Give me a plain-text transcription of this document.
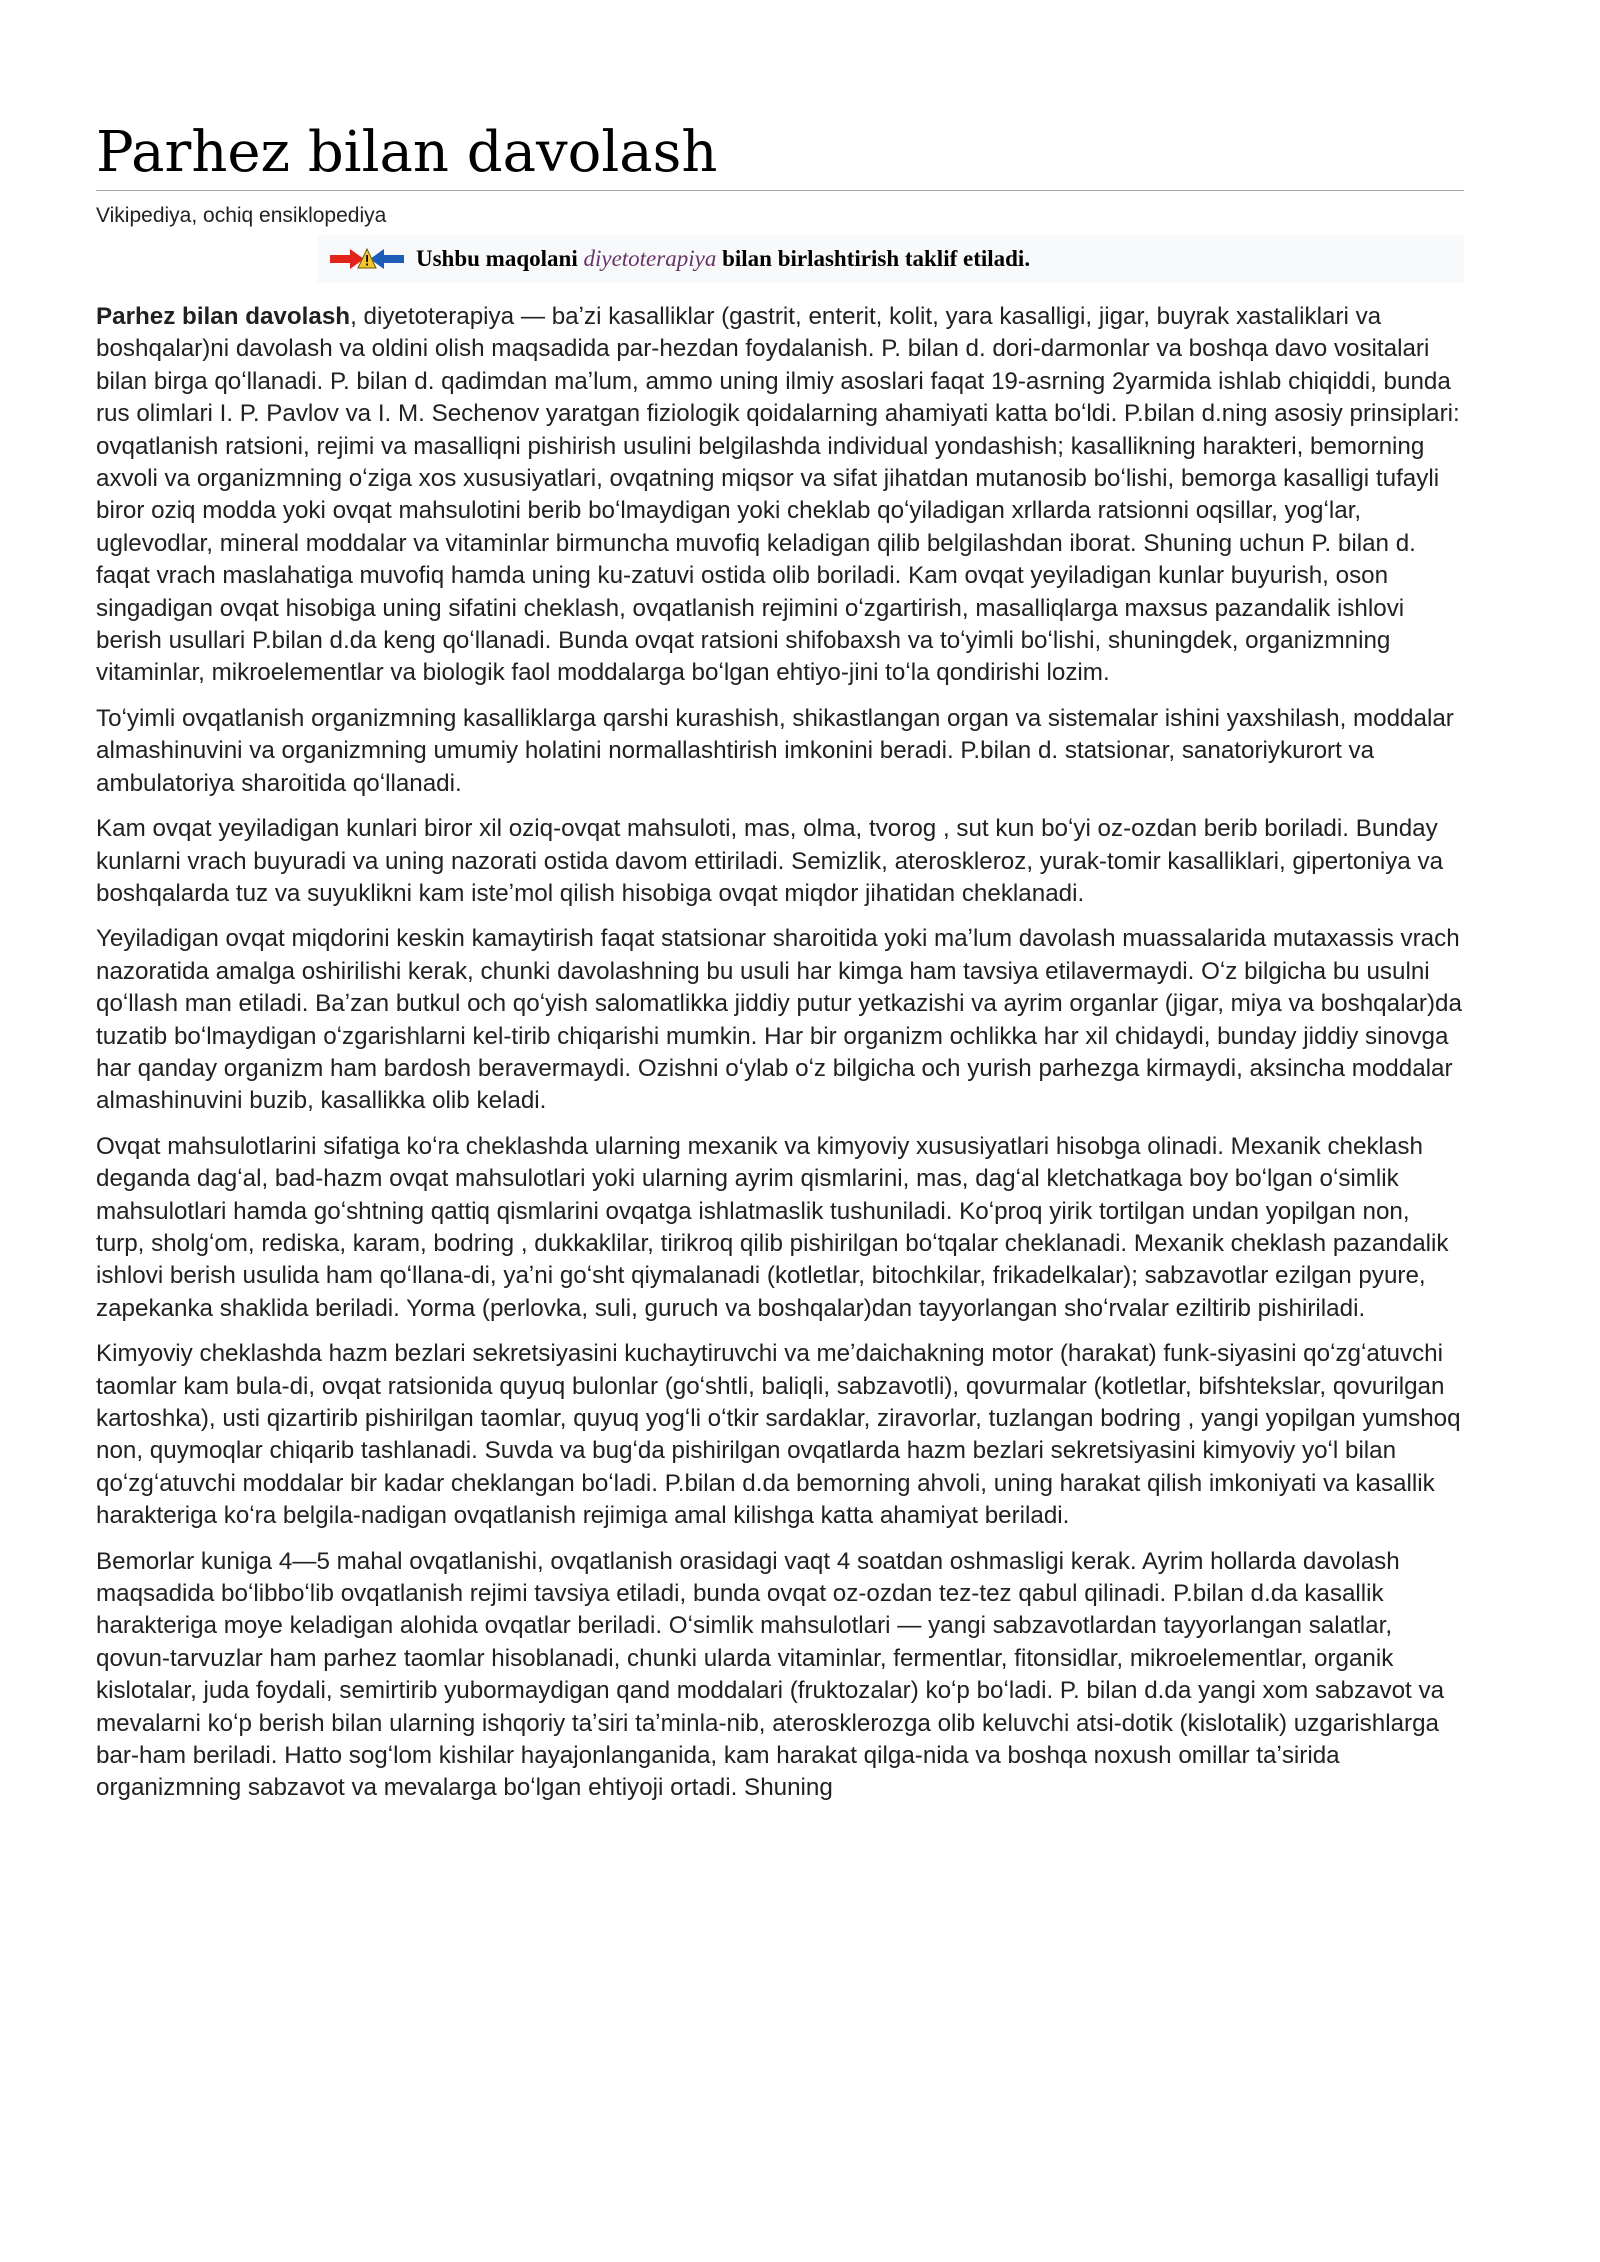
Parhez bilan davolash
Vikipediya, ochiq ensiklopediya
Ushbu maqolani diyetoterapiya bilan birlashtirish taklif etiladi.

Parhez bilan davolash, diyetoterapiya — baʼzi kasalliklar (gastrit, enterit, kolit, yara kasalligi, jigar, buyrak xastaliklari va boshqalar)ni davolash va oldini olish maqsadida par-hezdan foydalanish. P. bilan d. dori-darmonlar va boshqa davo vositalari bilan birga qoʻllanadi. P. bilan d. qadimdan maʼlum, ammo uning ilmiy asoslari faqat 19-asrning 2yarmida ishlab chiqiddi, bunda rus olimlari I. P. Pavlov va I. M. Sechenov yaratgan fiziologik qoidalarning ahamiyati katta boʻldi. P.bilan d.ning asosiy prinsiplari: ovqatlanish ratsioni, rejimi va masalliqni pishirish usulini belgilashda individual yondashish; kasallikning harakteri, bemorning axvoli va organizmning oʻziga xos xususiyatlari, ovqatning miqsor va sifat jihatdan mutanosib boʻlishi, bemorga kasalligi tufayli biror oziq modda yoki ovqat mahsulotini berib boʻlmaydigan yoki cheklab qoʻyiladigan xrllarda ratsionni oqsillar, yogʻlar, uglevodlar, mineral moddalar va vitaminlar birmuncha muvofiq keladigan qilib belgilashdan iborat. Shuning uchun P. bilan d. faqat vrach maslahatiga muvofiq hamda uning ku-zatuvi ostida olib boriladi. Kam ovqat yeyiladigan kunlar buyurish, oson singadigan ovqat hisobiga uning sifatini cheklash, ovqatlanish rejimini oʻzgartirish, masalliqlarga maxsus pazandalik ishlovi berish usullari P.bilan d.da keng qoʻllanadi. Bunda ovqat ratsioni shifobaxsh va toʻyimli boʻlishi, shuningdek, organizmning vitaminlar, mikroelementlar va biologik faol moddalarga boʻlgan ehtiyo-jini toʻla qondirishi lozim.

Toʻyimli ovqatlanish organizmning kasalliklarga qarshi kurashish, shikastlangan organ va sistemalar ishini yaxshilash, moddalar almashinuvini va organizmning umumiy holatini normallashtirish imkonini beradi. P.bilan d. statsionar, sanatoriykurort va ambulatoriya sharoitida qoʻllanadi.

Kam ovqat yeyiladigan kunlari biror xil oziq-ovqat mahsuloti, mas, olma, tvorog , sut kun boʻyi oz-ozdan berib boriladi. Bunday kunlarni vrach buyuradi va uning nazorati ostida davom ettiriladi. Semizlik, ateroskleroz, yurak-tomir kasalliklari, gipertoniya va boshqalarda tuz va suyuklikni kam isteʼmol qilish hisobiga ovqat miqdor jihatidan cheklanadi.

Yeyiladigan ovqat miqdorini keskin kamaytirish faqat statsionar sharoitida yoki maʼlum davolash muassalarida mutaxassis vrach nazoratida amalga oshirilishi kerak, chunki davolashning bu usuli har kimga ham tavsiya etilavermaydi. Oʻz bilgicha bu usulni qoʻllash man etiladi. Baʼzan butkul och qoʻyish salomatlikka jiddiy putur yetkazishi va ayrim organlar (jigar, miya va boshqalar)da tuzatib boʻlmaydigan oʻzgarishlarni kel-tirib chiqarishi mumkin. Har bir organizm ochlikka har xil chidaydi, bunday jiddiy sinovga har qanday organizm ham bardosh beravermaydi. Ozishni oʻylab oʻz bilgicha och yurish parhezga kirmaydi, aksincha moddalar almashinuvini buzib, kasallikka olib keladi.

Ovqat mahsulotlarini sifatiga koʻra cheklashda ularning mexanik va kimyoviy xususiyatlari hisobga olinadi. Mexanik cheklash deganda dagʻal, bad-hazm ovqat mahsulotlari yoki ularning ayrim qismlarini, mas, dagʻal kletchatkaga boy boʻlgan oʻsimlik mahsulotlari hamda goʻshtning qattiq qismlarini ovqatga ishlatmaslik tushuniladi. Koʻproq yirik tortilgan undan yopilgan non, turp, sholgʻom, rediska, karam, bodring , dukkaklilar, tirikroq qilib pishirilgan boʻtqalar cheklanadi. Mexanik cheklash pazandalik ishlovi berish usulida ham qoʻllana-di, yaʼni goʻsht qiymalanadi (kotletlar, bitochkilar, frikadelkalar); sabzavotlar ezilgan pyure, zapekanka shaklida beriladi. Yorma (perlovka, suli, guruch va boshqalar)dan tayyorlangan shoʻrvalar eziltirib pishiriladi.

Kimyoviy cheklashda hazm bezlari sekretsiyasini kuchaytiruvchi va meʼdaichakning motor (harakat) funk-siyasini qoʻzgʻatuvchi taomlar kam bula-di, ovqat ratsionida quyuq bulonlar (goʻshtli, baliqli, sabzavotli), qovurmalar (kotletlar, bifshtekslar, qovurilgan kartoshka), usti qizartirib pishirilgan taomlar, quyuq yogʻli oʻtkir sardaklar, ziravorlar, tuzlangan bodring , yangi yopilgan yumshoq non, quymoqlar chiqarib tashlanadi. Suvda va bugʻda pishirilgan ovqatlarda hazm bezlari sekretsiyasini kimyoviy yoʻl bilan qoʻzgʻatuvchi moddalar bir kadar cheklangan boʻladi. P.bilan d.da bemorning ahvoli, uning harakat qilish imkoniyati va kasallik harakteriga koʻra belgila-nadigan ovqatlanish rejimiga amal kilishga katta ahamiyat beriladi.

Bemorlar kuniga 4—5 mahal ovqatlanishi, ovqatlanish orasidagi vaqt 4 soatdan oshmasligi kerak. Ayrim hollarda davolash maqsadida boʻlibboʻlib ovqatlanish rejimi tavsiya etiladi, bunda ovqat oz-ozdan tez-tez qabul qilinadi. P.bilan d.da kasallik harakteriga moye keladigan alohida ovqatlar beriladi. Oʻsimlik mahsulotlari — yangi sabzavotlardan tayyorlangan salatlar, qovun-tarvuzlar ham parhez taomlar hisoblanadi, chunki ularda vitaminlar, fermentlar, fitonsidlar, mikroelementlar, organik kislotalar, juda foydali, semirtirib yubormaydigan qand moddalari (fruktozalar) koʻp boʻladi. P. bilan d.da yangi xom sabzavot va mevalarni koʻp berish bilan ularning ishqoriy taʼsiri taʼminla-nib, aterosklerozga olib keluvchi atsi-dotik (kislotalik) uzgarishlarga bar-ham beriladi. Hatto sogʻlom kishilar hayajonlanganida, kam harakat qilga-nida va boshqa noxush omillar taʼsirida organizmning sabzavot va mevalarga boʻlgan ehtiyoji ortadi. Shuning
